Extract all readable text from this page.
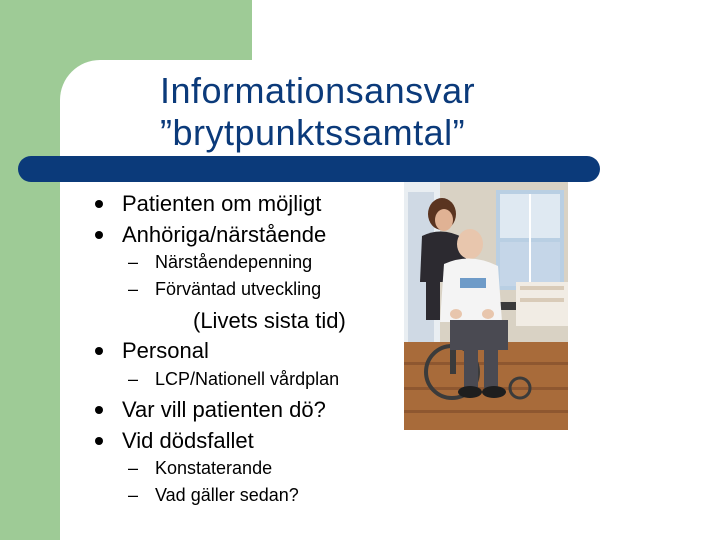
Informationsansvar
”brytpunktssamtal”
Patienten om möjligt
Anhöriga/närstående
– Närståendepenning
– Förväntad utveckling
(Livets sista tid)
Personal
– LCP/Nationell vårdplan
Var vill patienten dö?
Vid dödsfallet
– Konstaterande
– Vad gäller sedan?
